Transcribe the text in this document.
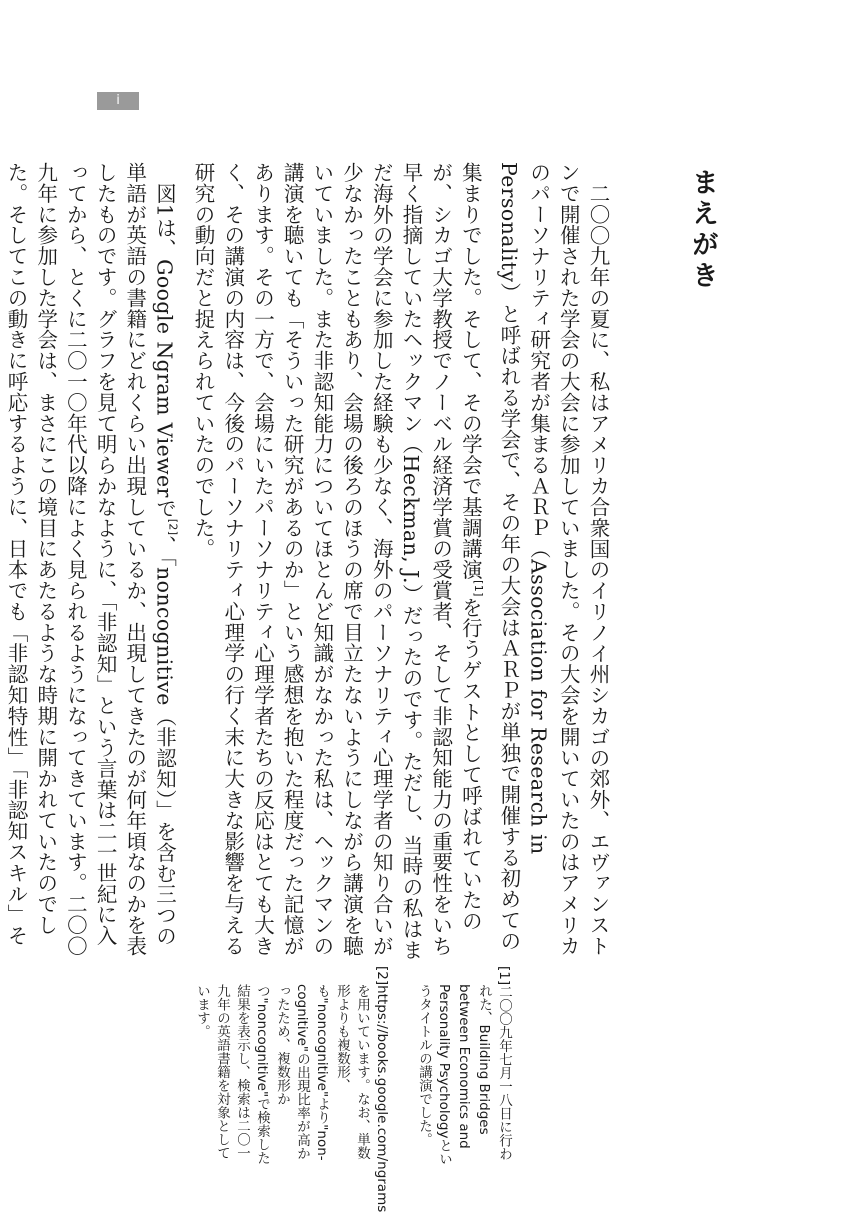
i
まえがき

二〇〇九年の夏に、私はアメリカ合衆国のイリノイ州シカゴの郊外、エヴァンストンで開催された学会の大会に参加していました。その大会を開いていたのはアメリカのパーソナリティ研究者が集まるＡＲＰ（Association for Research in Personality）と呼ばれる学会で、その年の大会はＡＲＰが単独で開催する初めての集まりでした。そして、その学会で基調講演[1]を行うゲストとして呼ばれていたのが、シカゴ大学教授でノーベル経済学賞の受賞者、そして非認知能力の重要性をいち早く指摘していたヘックマン（Heckman, J.）だったのです。ただし、当時の私はまだ海外の学会に参加した経験も少なく、海外のパーソナリティ心理学者の知り合いが少なかったこともあり、会場の後ろのほうの席で目立たないようにしながら講演を聴いていました。また非認知能力についてほとんど知識がなかった私は、ヘックマンの講演を聴いても「そういった研究があるのか」という感想を抱いた程度だった記憶があります。その一方で、会場にいたパーソナリティ心理学者たちの反応はとても大きく、その講演の内容は、今後のパーソナリティ心理学の行く末に大きな影響を与える研究の動向だと捉えられていたのでした。

図1は、Google Ngram Viewerで[2]、「noncognitive（非認知）」を含む三つの単語が英語の書籍にどれくらい出現しているか、出現してきたのが何年頃なのかを表したものです。グラフを見て明らかなように、「非認知」という言葉は二一世紀に入ってから、とくに二〇一〇年代以降によく見られるようになってきています。二〇〇九年に参加した学会は、まさにこの境目にあたるような時期に開かれていたのでした。そしてこの動きに呼応するように、日本でも「非認知特性」「非認知スキル」そ

[1]二〇〇九年七月一八日に行われた、Building Bridges between Economics and Personality Psychologyというタイトルの講演でした。

[2]https://books.google.com/ngramsを用いています。なお、単数形よりも複数形、も"noncognitive"より"non-cognitive"の出現比率が高かったため、複数形かつ"noncognitive"で検索した結果を表示し、検索は二〇一九年の英語書籍を対象としています。
